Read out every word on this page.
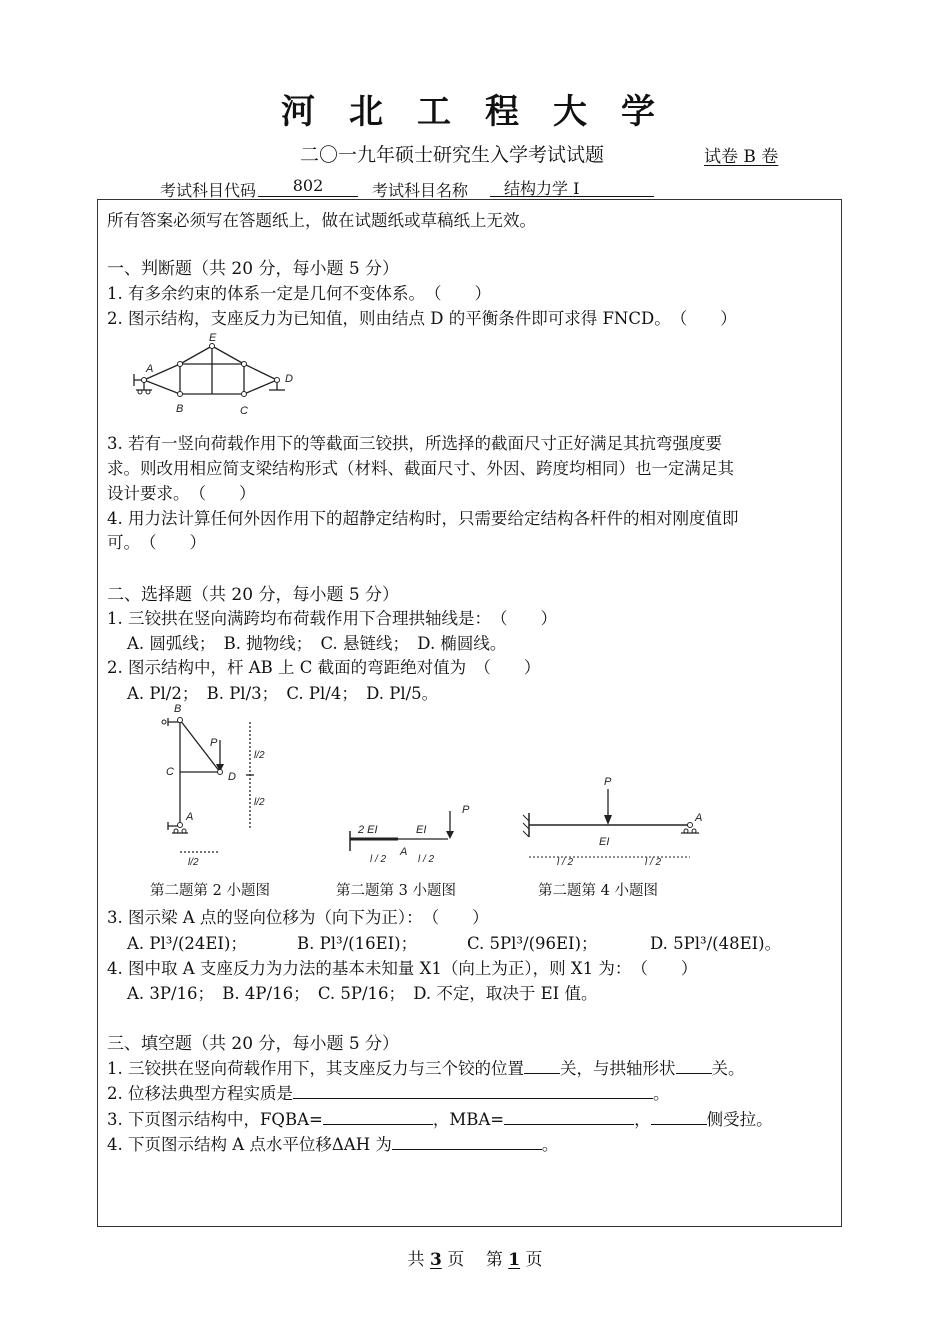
河北工程大学
二〇一九年硕士研究生入学考试试题	试卷 B 卷
考试科目代码	802	考试科目名称	结构力学 I
所有答案必须写在答题纸上，做在试题纸或草稿纸上无效。
一、判断题（共 20 分，每小题 5 分）
1. 有多余约束的体系一定是几何不变体系。　（　　）
2. 图示结构，支座反力为已知值，则由结点 D 的平衡条件即可求得 FNCD。　（　　）
A
B	C
D
E
3. 若有一竖向荷载作用下的等截面三铰拱，所选择的截面尺寸正好满足其抗弯强度要
求。则改用相应简支梁结构形式（材料、截面尺寸、外因、跨度均相同）也一定满足其
设计要求。　（　　）
4. 用力法计算任何外因作用下的超静定结构时，只需要给定结构各杆件的相对刚度值即
可。　（　　）
二、选择题（共 20 分，每小题 5 分）
1. 三铰拱在竖向满跨均布荷载作用下合理拱轴线是：　（　　）
A. 圆弧线；　B. 抛物线；　C. 悬链线；　D. 椭圆线。
2. 图示结构中，杆 AB 上 C 截面的弯距绝对值为　（　　）
A. Pl/2；　B. Pl/3；　C. Pl/4；　D. Pl/5。
B
C	D
A
P
l/2
l/2
l/2
2 EI	EI
P
A
l / 2	l / 2
P
EI
A
l / 2	l / 2
第二题第 2 小题图	第二题第 3 小题图	第二题第 4 小题图
3. 图示梁 A 点的竖向位移为（向下为正）：　（　　）
A. Pl³/(24EI)；	B. Pl³/(16EI)；	C. 5Pl³/(96EI)；	D. 5Pl³/(48EI)。
4. 图中取 A 支座反力为力法的基本未知量 X1（向上为正），则 X1 为：　（　　）
A. 3P/16；　B. 4P/16；　C. 5P/16；　D. 不定，取决于 EI 值。
三、填空题（共 20 分，每小题 5 分）
1. 三铰拱在竖向荷载作用下，其支座反力与三个铰的位置 关，与拱轴形状 关。
2. 位移法典型方程实质是	。
3. 下页图示结构中，FQBA=	，MBA=	，	侧受拉。
4. 下页图示结构 A 点水平位移ΔAH 为	。
共 3 页 第 1 页
